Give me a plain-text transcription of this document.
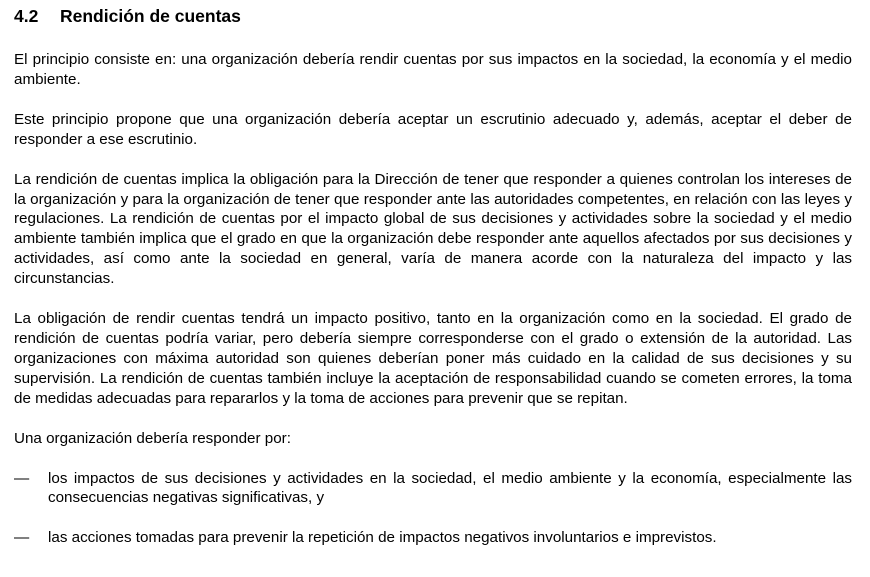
4.2	Rendición de cuentas

El principio consiste en: una organización debería rendir cuentas por sus impactos en la sociedad, la economía y el medio ambiente.

Este principio propone que una organización debería aceptar un escrutinio adecuado y, además, aceptar el deber de responder a ese escrutinio.

La rendición de cuentas implica la obligación para la Dirección de tener que responder a quienes controlan los intereses de la organización y para la organización de tener que responder ante las autoridades competentes, en relación con las leyes y regulaciones. La rendición de cuentas por el impacto global de sus decisiones y actividades sobre la sociedad y el medio ambiente también implica que el grado en que la organización debe responder ante aquellos afectados por sus decisiones y actividades, así como ante la sociedad en general, varía de manera acorde con la naturaleza del impacto y las circunstancias.

La obligación de rendir cuentas tendrá un impacto positivo, tanto en la organización como en la sociedad. El grado de rendición de cuentas podría variar, pero debería siempre corresponderse con el grado o extensión de la autoridad. Las organizaciones con máxima autoridad son quienes deberían poner más cuidado en la calidad de sus decisiones y su supervisión. La rendición de cuentas también incluye la aceptación de responsabilidad cuando se cometen errores, la toma de medidas adecuadas para repararlos y la toma de acciones para prevenir que se repitan.

Una organización debería responder por:

—	los impactos de sus decisiones y actividades en la sociedad, el medio ambiente y la economía, especialmente las consecuencias negativas significativas, y
—	las acciones tomadas para prevenir la repetición de impactos negativos involuntarios e imprevistos.
